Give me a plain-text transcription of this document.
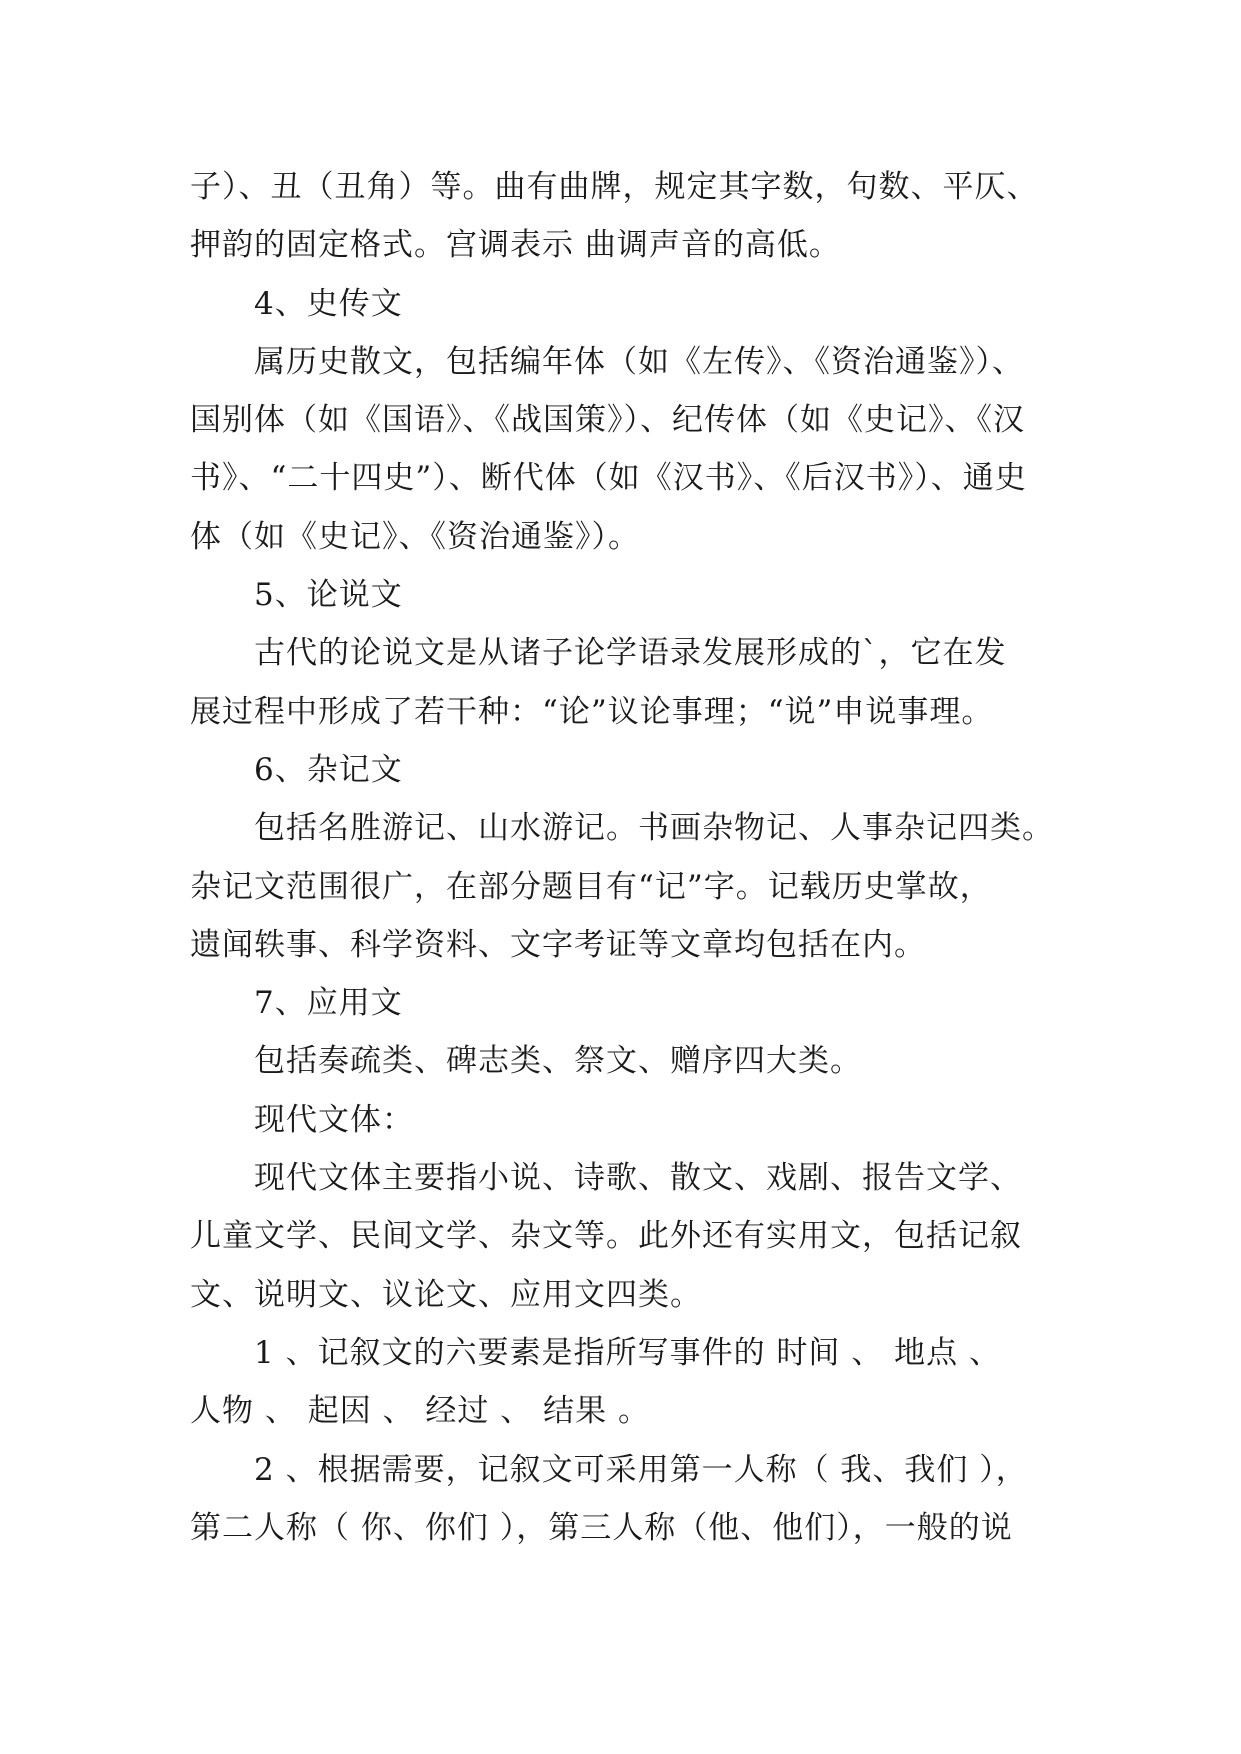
子）、丑（丑角）等。曲有曲牌，规定其字数，句数、平仄、
押韵的固定格式。宫调表示 曲调声音的高低。
4、史传文
属历史散文，包括编年体（如《左传》、《资治通鉴》）、
国别体（如《国语》、《战国策》）、纪传体（如《史记》、《汉
书》、“二十四史”）、断代体（如《汉书》、《后汉书》）、通史
体（如《史记》、《资治通鉴》）。
5、论说文
古代的论说文是从诸子论学语录发展形成的`，它在发
展过程中形成了若干种：“论”议论事理；“说”申说事理。
6、杂记文
包括名胜游记、山水游记。书画杂物记、人事杂记四类。
杂记文范围很广，在部分题目有“记”字。记载历史掌故，
遗闻轶事、科学资料、文字考证等文章均包括在内。
7、应用文
包括奏疏类、碑志类、祭文、赠序四大类。
现代文体：
现代文体主要指小说、诗歌、散文、戏剧、报告文学、
儿童文学、民间文学、杂文等。此外还有实用文，包括记叙
文、说明文、议论文、应用文四类。
1 、记叙文的六要素是指所写事件的 时间 、 地点 、
人物 、 起因 、 经过 、 结果 。
2 、根据需要，记叙文可采用第一人称（ 我、我们 ），
第二人称（ 你、你们 ），第三人称（他、他们），一般的说
